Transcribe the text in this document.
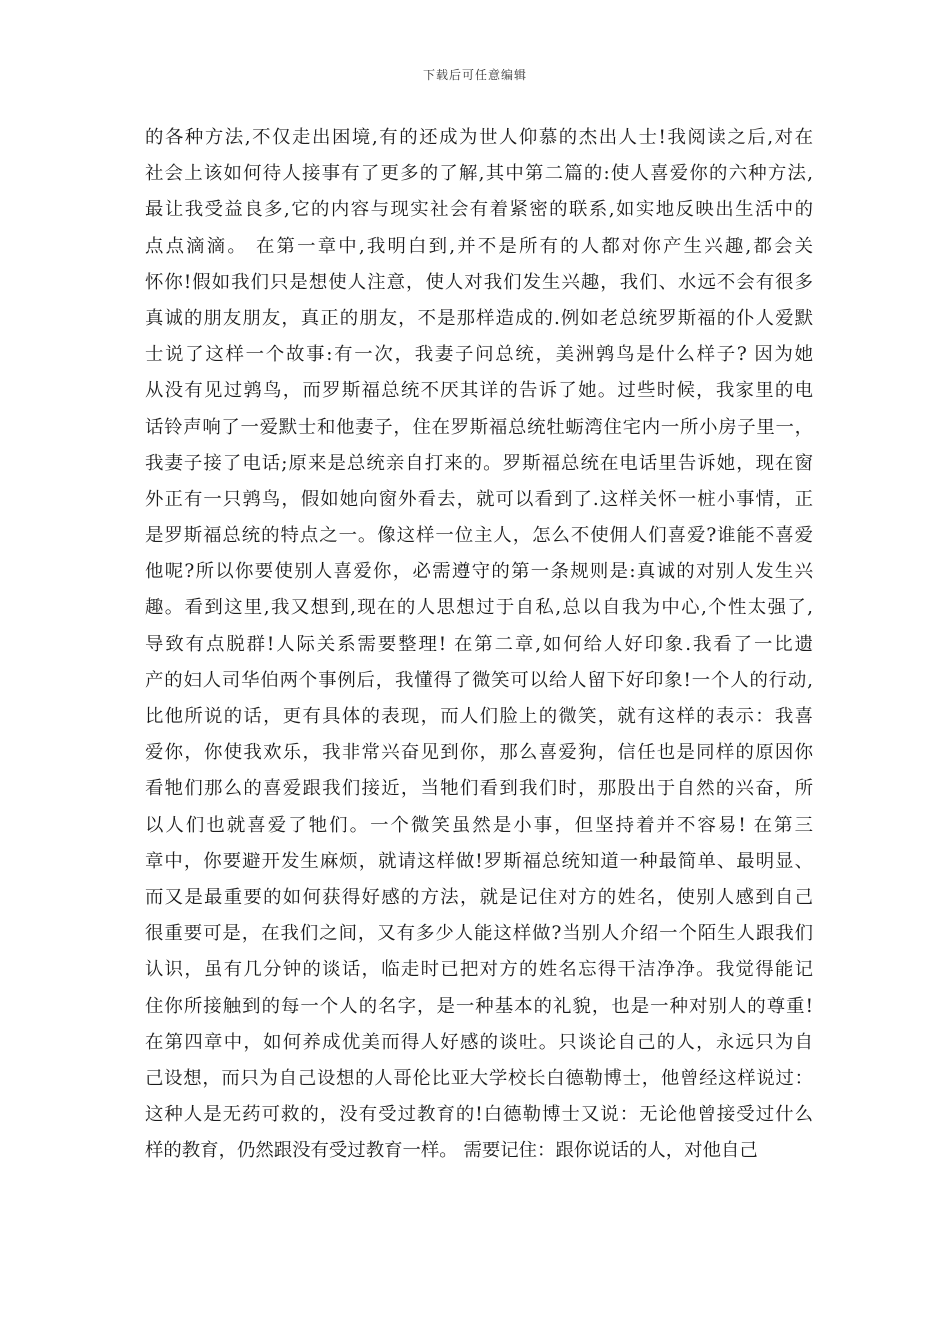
下载后可任意编辑
的各种方法,不仅走出困境,有的还成为世人仰慕的杰出人士!我阅读之后,对在
社会上该如何待人接事有了更多的了解,其中第二篇的:使人喜爱你的六种方法,
最让我受益良多,它的内容与现实社会有着紧密的联系,如实地反映出生活中的
点点滴滴。 在第一章中,我明白到,并不是所有的人都对你产生兴趣,都会关
怀你!假如我们只是想使人注意，使人对我们发生兴趣，我们、水远不会有很多
真诚的朋友朋友，真正的朋友，不是那样造成的.例如老总统罗斯福的仆人爱默
士说了这样一个故事:有一次，我妻子问总统，美洲鹑鸟是什么样子? 因为她
从没有见过鹑鸟，而罗斯福总统不厌其详的告诉了她。过些时候，我家里的电
话铃声响了一爱默士和他妻子，住在罗斯福总统牡蛎湾住宅内一所小房子里一，
我妻子接了电话;原来是总统亲自打来的。罗斯福总统在电话里告诉她，现在窗
外正有一只鹑鸟，假如她向窗外看去，就可以看到了.这样关怀一桩小事情，正
是罗斯福总统的特点之一。像这样一位主人，怎么不使佣人们喜爱?谁能不喜爱
他呢?所以你要使别人喜爱你，必需遵守的第一条规则是:真诚的对别人发生兴
趣。看到这里,我又想到,现在的人思想过于自私,总以自我为中心,个性太强了,
导致有点脱群!人际关系需要整理! 在第二章,如何给人好印象.我看了一比遗
产的妇人司华伯两个事例后，我懂得了微笑可以给人留下好印象!一个人的行动,
比他所说的话，更有具体的表现，而人们脸上的微笑，就有这样的表示：我喜
爱你，你使我欢乐，我非常兴奋见到你，那么喜爱狗，信任也是同样的原因你
看牠们那么的喜爱跟我们接近，当牠们看到我们时，那股出于自然的兴奋，所
以人们也就喜爱了牠们。一个微笑虽然是小事，但坚持着并不容易! 在第三
章中，你要避开发生麻烦，就请这样做!罗斯福总统知道一种最简单、最明显、
而又是最重要的如何获得好感的方法，就是记住对方的姓名，使别人感到自己
很重要可是，在我们之间，又有多少人能这样做?当别人介绍一个陌生人跟我们
认识，虽有几分钟的谈话，临走时已把对方的姓名忘得干洁净净。我觉得能记
住你所接触到的每一个人的名字，是一种基本的礼貌，也是一种对别人的尊重!
在第四章中，如何养成优美而得人好感的谈吐。只谈论自己的人，永远只为自
己设想，而只为自己设想的人哥伦比亚大学校长白德勒博士，他曾经这样说过：
这种人是无药可救的，没有受过教育的!白德勒博士又说：无论他曾接受过什么
样的教育，仍然跟没有受过教育一样。 需要记住：跟你说话的人，对他自己
